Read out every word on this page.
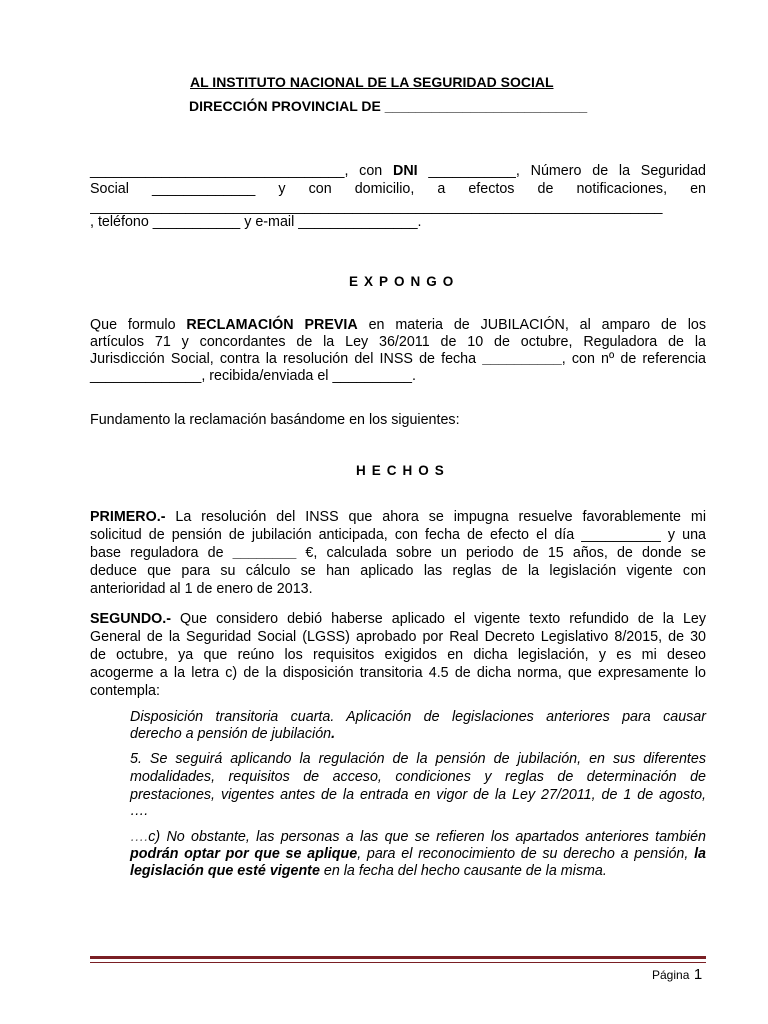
AL INSTITUTO NACIONAL DE LA SEGURIDAD SOCIAL
DIRECCIÓN PROVINCIAL DE __________________________
________________________________, con DNI ___________, Número de la Seguridad
Social _____________ y con domicilio, a efectos de notificaciones, en
________________________________________________________________________
, teléfono ___________ y e-mail _______________.
EXPONGO
Que formulo RECLAMACIÓN PREVIA en materia de JUBILACIÓN, al amparo de los
artículos 71 y concordantes de la Ley 36/2011 de 10 de octubre, Reguladora de la
Jurisdicción Social, contra la resolución del INSS de fecha __________, con nº de referencia
______________, recibida/enviada el __________.
Fundamento la reclamación basándome en los siguientes:
HECHOS
PRIMERO.- La resolución del INSS que ahora se impugna resuelve favorablemente mi
solicitud de pensión de jubilación anticipada, con fecha de efecto el día __________ y una
base reguladora de ________ €, calculada sobre un periodo de 15 años, de donde se
deduce que para su cálculo se han aplicado las reglas de la legislación vigente con
anterioridad al 1 de enero de 2013.
SEGUNDO.- Que considero debió haberse aplicado el vigente texto refundido de la Ley
General de la Seguridad Social (LGSS) aprobado por Real Decreto Legislativo 8/2015, de 30
de octubre, ya que reúno los requisitos exigidos en dicha legislación, y es mi deseo
acogerme a la letra c) de la disposición transitoria 4.5 de dicha norma, que expresamente lo
contempla:
Disposición transitoria cuarta. Aplicación de legislaciones anteriores para causar
derecho a pensión de jubilación.
5. Se seguirá aplicando la regulación de la pensión de jubilación, en sus diferentes
modalidades, requisitos de acceso, condiciones y reglas de determinación de
prestaciones, vigentes antes de la entrada en vigor de la Ley 27/2011, de 1 de agosto,
….
….c) No obstante, las personas a las que se refieren los apartados anteriores también
podrán optar por que se aplique, para el reconocimiento de su derecho a pensión, la
legislación que esté vigente en la fecha del hecho causante de la misma.
Página 1
